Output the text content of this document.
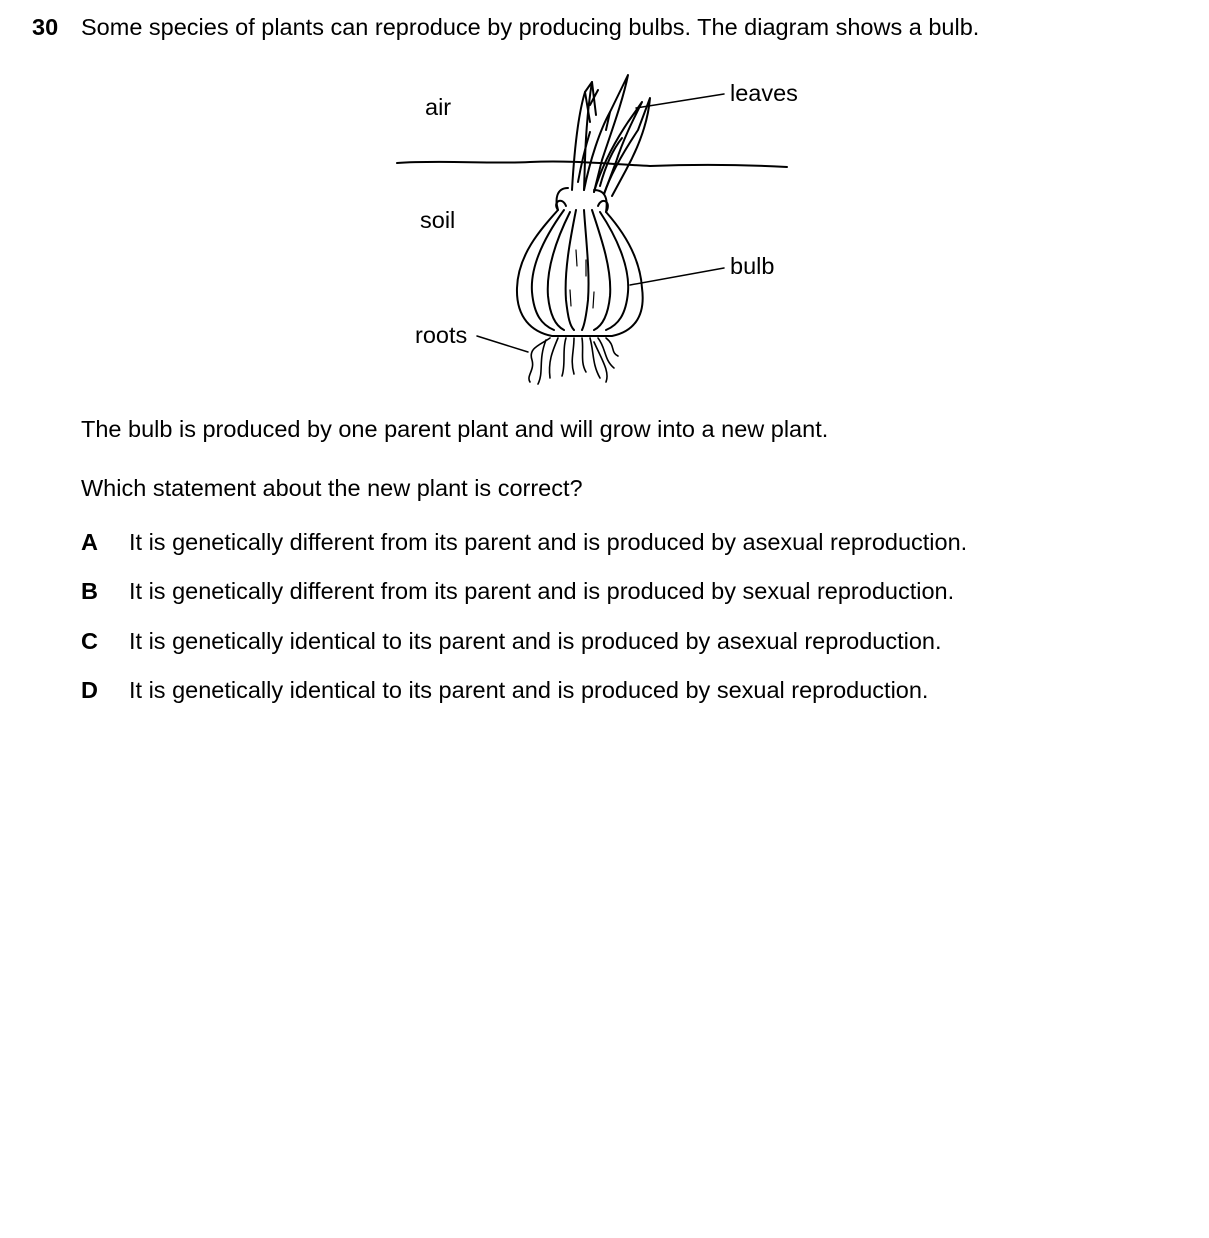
30 Some species of plants can reproduce by producing bulbs. The diagram shows a bulb.
air
soil
roots
leaves
bulb
The bulb is produced by one parent plant and will grow into a new plant.
Which statement about the new plant is correct?
A It is genetically different from its parent and is produced by asexual reproduction.
B It is genetically different from its parent and is produced by sexual reproduction.
C It is genetically identical to its parent and is produced by asexual reproduction.
D It is genetically identical to its parent and is produced by sexual reproduction.
